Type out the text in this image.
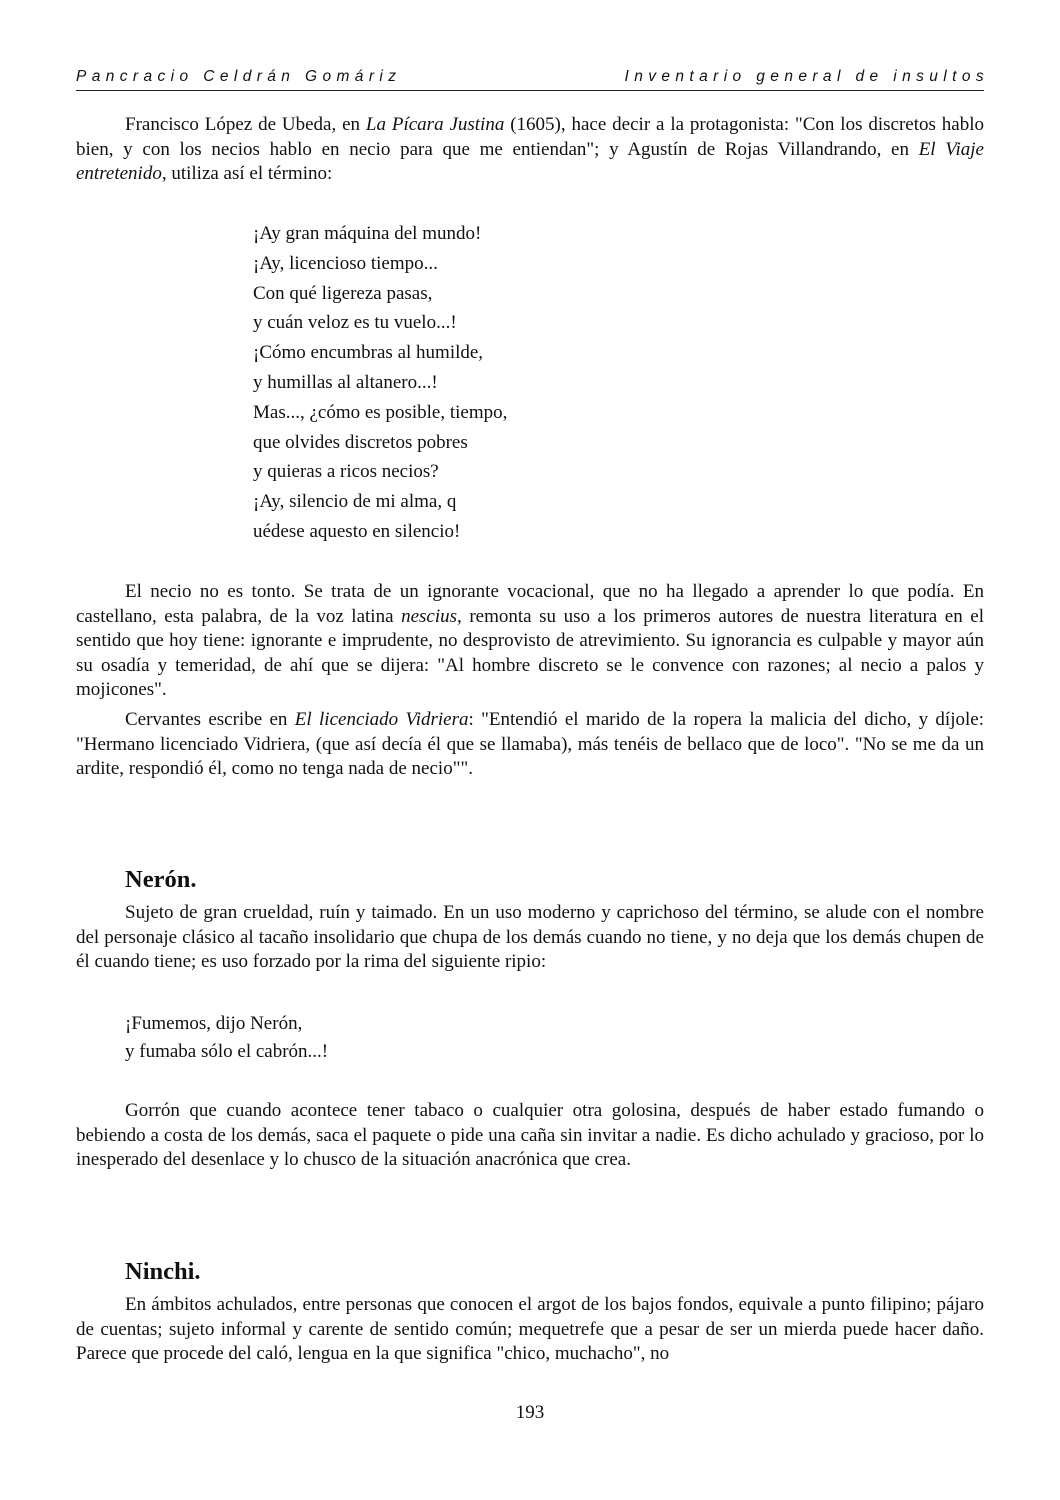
Pancracio Celdrán Gomáriz	Inventario general de insultos

Francisco López de Ubeda, en La Pícara Justina (1605), hace decir a la protagonista: "Con los discretos hablo bien, y con los necios hablo en necio para que me entiendan"; y Agustín de Rojas Villandrando, en El Viaje entretenido, utiliza así el término:

¡Ay gran máquina del mundo!
¡Ay, licencioso tiempo...
Con qué ligereza pasas,
y cuán veloz es tu vuelo...!
¡Cómo encumbras al humilde,
y humillas al altanero...!
Mas..., ¿cómo es posible, tiempo,
que olvides discretos pobres
y quieras a ricos necios?
¡Ay, silencio de mi alma, q
uédese aquesto en silencio!

El necio no es tonto. Se trata de un ignorante vocacional, que no ha llegado a aprender lo que podía. En castellano, esta palabra, de la voz latina nescius, remonta su uso a los primeros autores de nuestra literatura en el sentido que hoy tiene: ignorante e imprudente, no desprovisto de atrevimiento. Su ignorancia es culpable y mayor aún su osadía y temeridad, de ahí que se dijera: "Al hombre discreto se le convence con razones; al necio a palos y mojicones".

Cervantes escribe en El licenciado Vidriera: "Entendió el marido de la ropera la malicia del dicho, y díjole: "Hermano licenciado Vidriera, (que así decía él que se llamaba), más tenéis de bellaco que de loco". "No se me da un ardite, respondió él, como no tenga nada de necio"".

Nerón.

Sujeto de gran crueldad, ruín y taimado. En un uso moderno y caprichoso del término, se alude con el nombre del personaje clásico al tacaño insolidario que chupa de los demás cuando no tiene, y no deja que los demás chupen de él cuando tiene; es uso forzado por la rima del siguiente ripio:

¡Fumemos, dijo Nerón,
y fumaba sólo el cabrón...!

Gorrón que cuando acontece tener tabaco o cualquier otra golosina, después de haber estado fumando o bebiendo a costa de los demás, saca el paquete o pide una caña sin invitar a nadie. Es dicho achulado y gracioso, por lo inesperado del desenlace y lo chusco de la situación anacrónica que crea.

Ninchi.

En ámbitos achulados, entre personas que conocen el argot de los bajos fondos, equivale a punto filipino; pájaro de cuentas; sujeto informal y carente de sentido común; mequetrefe que a pesar de ser un mierda puede hacer daño. Parece que procede del caló, lengua en la que significa "chico, muchacho", no

193
